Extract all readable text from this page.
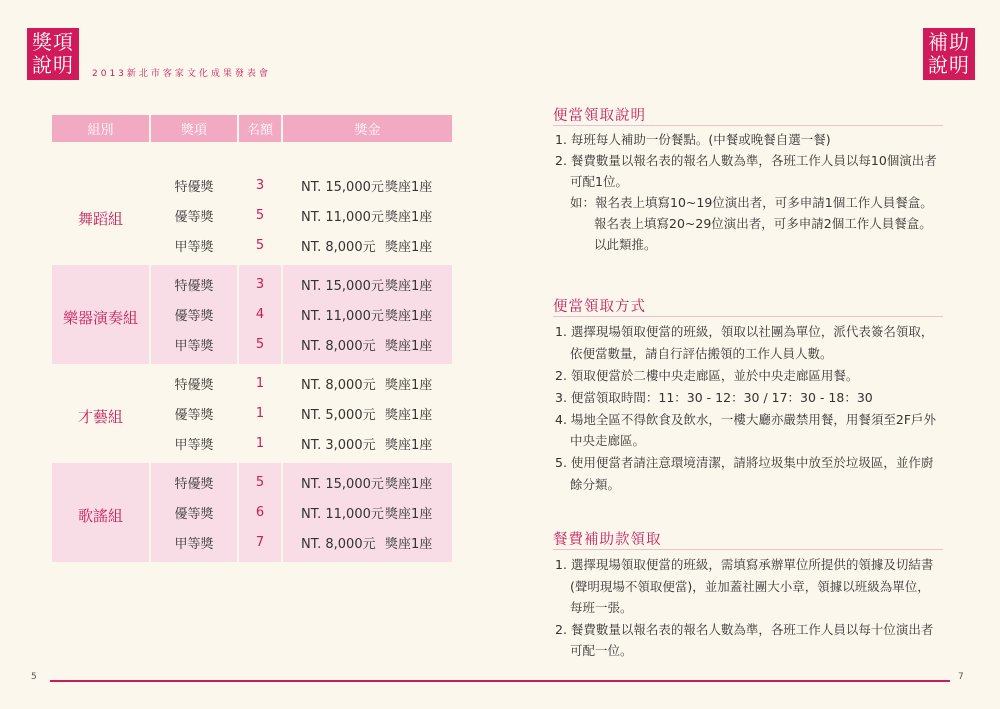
獎項
說明	2013新北市客家文化成果發表會
補助
說明
組別	獎項	名額	獎金

舞蹈組	特優獎	3	NT. 15,000元獎座1座
	優等獎	5	NT. 11,000元獎座1座
	甲等獎	5	NT. 8,000元 獎座1座
樂器演奏組	特優獎	3	NT. 15,000元獎座1座
	優等獎	4	NT. 11,000元獎座1座
	甲等獎	5	NT. 8,000元 獎座1座
才藝組	特優獎	1	NT. 8,000元 獎座1座
	優等獎	1	NT. 5,000元 獎座1座
	甲等獎	1	NT. 3,000元 獎座1座
歌謠組	特優獎	5	NT. 15,000元獎座1座
	優等獎	6	NT. 11,000元獎座1座
	甲等獎	7	NT. 8,000元 獎座1座
便當領取說明
1. 每班每人補助一份餐點。(中餐或晚餐自選一餐)
2. 餐費數量以報名表的報名人數為準，各班工作人員以每10個演出者
可配1位。
如：報名表上填寫10~19位演出者，可多申請1個工作人員餐盒。
報名表上填寫20~29位演出者，可多申請2個工作人員餐盒。
以此類推。
便當領取方式
1. 選擇現場領取便當的班級，領取以社團為單位，派代表簽名領取，
依便當數量，請自行評估搬領的工作人員人數。
2. 領取便當於二樓中央走廊區，並於中央走廊區用餐。
3. 便當領取時間：11：30 - 12：30 / 17：30 - 18：30
4. 場地全區不得飲食及飲水，一樓大廳亦嚴禁用餐，用餐須至2F戶外
中央走廊區。
5. 使用便當者請注意環境清潔，請將垃圾集中放至於垃圾區，並作廚
餘分類。
餐費補助款領取
1. 選擇現場領取便當的班級，需填寫承辦單位所提供的領據及切結書
(聲明現場不領取便當)，並加蓋社團大小章，領據以班級為單位，
每班一張。
2. 餐費數量以報名表的報名人數為準，各班工作人員以每十位演出者
可配一位。
5	7
